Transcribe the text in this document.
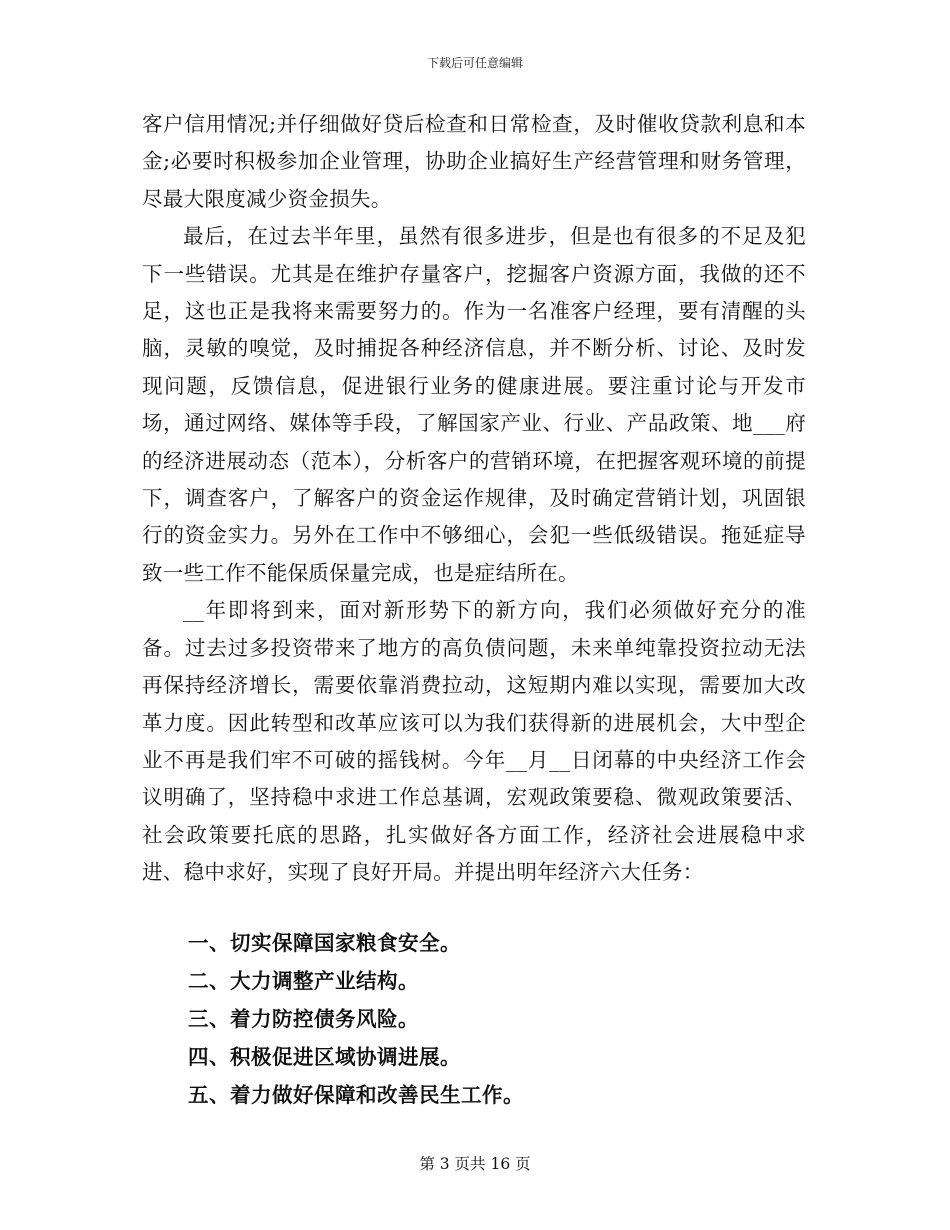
下载后可任意编辑

客户信用情况;并仔细做好贷后检查和日常检查，及时催收贷款利息和本金;必要时积极参加企业管理，协助企业搞好生产经营管理和财务管理，尽最大限度减少资金损失。

最后，在过去半年里，虽然有很多进步，但是也有很多的不足及犯下一些错误。尤其是在维护存量客户，挖掘客户资源方面，我做的还不足，这也正是我将来需要努力的。作为一名准客户经理，要有清醒的头脑，灵敏的嗅觉，及时捕捉各种经济信息，并不断分析、讨论、及时发现问题，反馈信息，促进银行业务的健康进展。要注重讨论与开发市场，通过网络、媒体等手段，了解国家产业、行业、产品政策、地___府的经济进展动态（范本），分析客户的营销环境，在把握客观环境的前提下，调查客户，了解客户的资金运作规律，及时确定营销计划，巩固银行的资金实力。另外在工作中不够细心，会犯一些低级错误。拖延症导致一些工作不能保质保量完成，也是症结所在。

__年即将到来，面对新形势下的新方向，我们必须做好充分的准备。过去过多投资带来了地方的高负债问题，未来单纯靠投资拉动无法再保持经济增长，需要依靠消费拉动，这短期内难以实现，需要加大改革力度。因此转型和改革应该可以为我们获得新的进展机会，大中型企业不再是我们牢不可破的摇钱树。今年__月__日闭幕的中央经济工作会议明确了，坚持稳中求进工作总基调，宏观政策要稳、微观政策要活、社会政策要托底的思路，扎实做好各方面工作，经济社会进展稳中求进、稳中求好，实现了良好开局。并提出明年经济六大任务：

一、切实保障国家粮食安全。
二、大力调整产业结构。
三、着力防控债务风险。
四、积极促进区域协调进展。
五、着力做好保障和改善民生工作。
第 3 页共 16 页
